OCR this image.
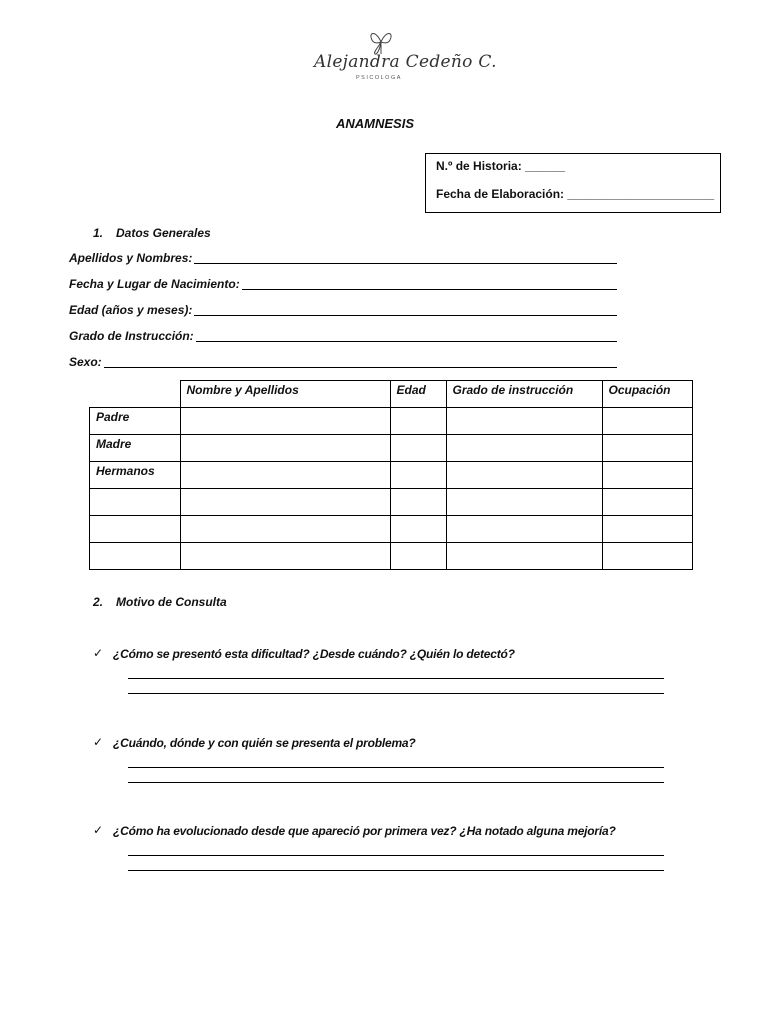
Alejandra Cedeño C.
PSICOLOGA
ANAMNESIS
N.º de Historia: ______
Fecha de Elaboración: ______________________
1. Datos Generales
Apellidos y Nombres:
Fecha y Lugar de Nacimiento:
Edad (años y meses):
Grado de Instrucción:
Sexo:
	Nombre y Apellidos	Edad	Grado de instrucción	Ocupación
Padre				
Madre				
Hermanos				

2. Motivo de Consulta
✓ ¿Cómo se presentó esta dificultad? ¿Desde cuándo? ¿Quién lo detectó?
✓ ¿Cuándo, dónde y con quién se presenta el problema?
✓ ¿Cómo ha evolucionado desde que apareció por primera vez? ¿Ha notado alguna mejoría?
